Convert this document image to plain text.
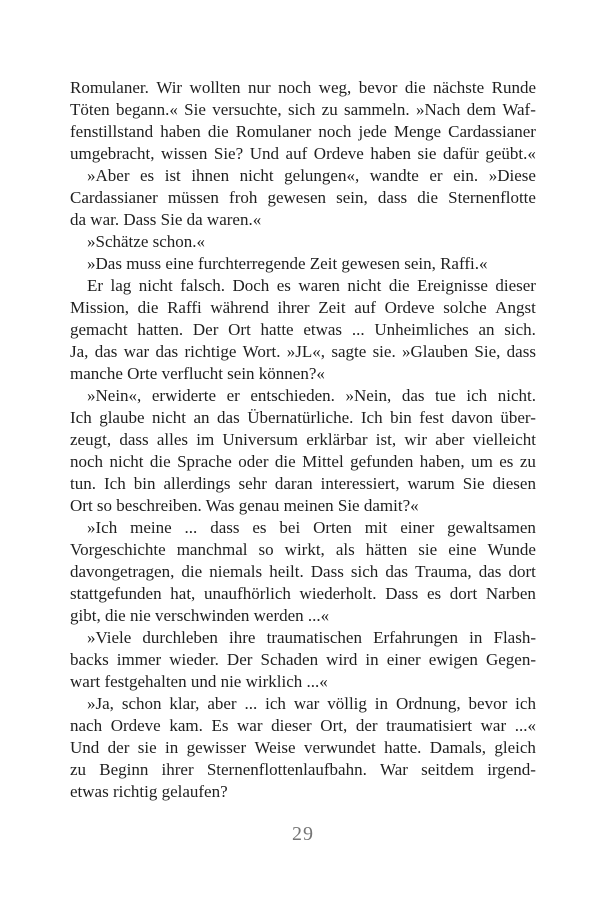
Romulaner. Wir wollten nur noch weg, bevor die nächste Runde
Töten begann.« Sie versuchte, sich zu sammeln. »Nach dem Waf-
fenstillstand haben die Romulaner noch jede Menge Cardassianer
umgebracht, wissen Sie? Und auf Ordeve haben sie dafür geübt.«
»Aber es ist ihnen nicht gelungen«, wandte er ein. »Diese
Cardassianer müssen froh gewesen sein, dass die Sternenflotte
da war. Dass Sie da waren.«
»Schätze schon.«
»Das muss eine furchterregende Zeit gewesen sein, Raffi.«
Er lag nicht falsch. Doch es waren nicht die Ereignisse dieser
Mission, die Raffi während ihrer Zeit auf Ordeve solche Angst
gemacht hatten. Der Ort hatte etwas ... Unheimliches an sich.
Ja, das war das richtige Wort. »JL«, sagte sie. »Glauben Sie, dass
manche Orte verflucht sein können?«
»Nein«, erwiderte er entschieden. »Nein, das tue ich nicht.
Ich glaube nicht an das Übernatürliche. Ich bin fest davon über-
zeugt, dass alles im Universum erklärbar ist, wir aber vielleicht
noch nicht die Sprache oder die Mittel gefunden haben, um es zu
tun. Ich bin allerdings sehr daran interessiert, warum Sie diesen
Ort so beschreiben. Was genau meinen Sie damit?«
»Ich meine ... dass es bei Orten mit einer gewaltsamen
Vorgeschichte manchmal so wirkt, als hätten sie eine Wunde
davongetragen, die niemals heilt. Dass sich das Trauma, das dort
stattgefunden hat, unaufhörlich wiederholt. Dass es dort Narben
gibt, die nie verschwinden werden ...«
»Viele durchleben ihre traumatischen Erfahrungen in Flash-
backs immer wieder. Der Schaden wird in einer ewigen Gegen-
wart festgehalten und nie wirklich ...«
»Ja, schon klar, aber ... ich war völlig in Ordnung, bevor ich
nach Ordeve kam. Es war dieser Ort, der traumatisiert war ...«
Und der sie in gewisser Weise verwundet hatte. Damals, gleich
zu Beginn ihrer Sternenflottenlaufbahn. War seitdem irgend-
etwas richtig gelaufen?
29
